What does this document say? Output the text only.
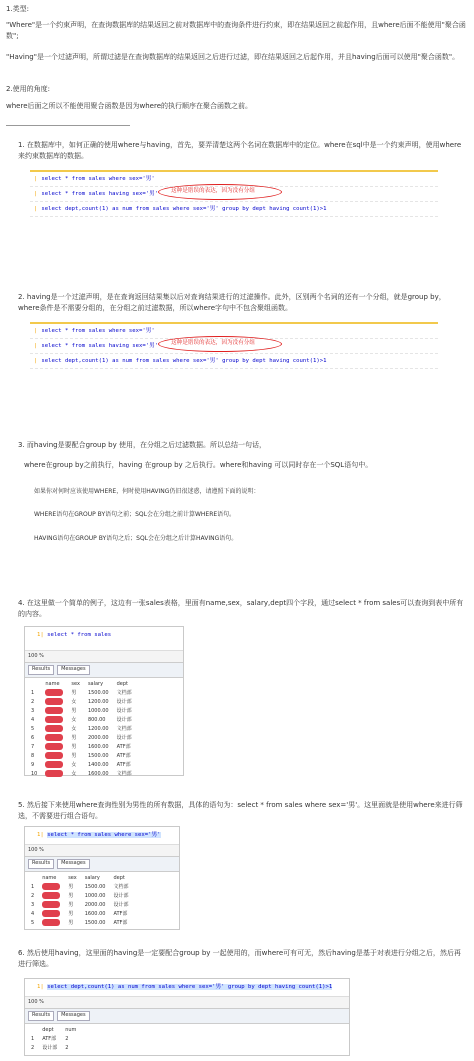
1.类型:

"Where"是一个约束声明，在查询数据库的结果返回之前对数据库中的查询条件进行约束，即在结果返回之前起作用，且where后面不能使用"聚合函数";

"Having"是一个过滤声明，所谓过滤是在查询数据库的结果返回之后进行过滤，即在结果返回之后起作用，并且having后面可以使用"聚合函数"。

2.使用的角度:

where后面之所以不能使用聚合函数是因为where的执行顺序在聚合函数之前。

1. 在数据库中，如何正确的使用where与having，首先，要弄清楚这两个名词在数据库中的定位。where在sql中是一个约束声明，使用where来约束数据库的数据。

| select * from sales where sex='男'
| select * from sales having sex='男'
| select dept,count(1) as num from sales where sex='男' group by dept having count(1)>1
这种是错误的表达，因为没有分组

2. having是一个过滤声明，是在查询返回结果集以后对查询结果进行的过滤操作。此外，区别两个名词的还有一个分组，就是group by，where条件是不需要分组的，在分组之前过滤数据，所以where字句中不包含聚组函数。

| select * from sales where sex='男'
| select * from sales having sex='男'
| select dept,count(1) as num from sales where sex='男' group by dept having count(1)>1
这种是错误的表达，因为没有分组

3. 而having是要配合group by 使用，在分组之后过滤数据。所以总结一句话，

where在group by之前执行，having 在group by 之后执行。where和having 可以同时存在一个SQL语句中。

如果你对何时应该使用WHERE，何时使用HAVING仍旧很迷惑，请遵照下面的说明：

WHERE语句在GROUP BY语句之前；SQL会在分组之前计算WHERE语句。

HAVING语句在GROUP BY语句之后；SQL会在分组之后计算HAVING语句。

4. 在这里做一个简单的例子，这边有一张sales表格，里面有name,sex，salary,dept四个字段，通过select * from sales可以查询到表中所有的内容。

1| select * from sales
100 %
Results	Messages
	name	sex	salary	dept
1		男	1500.00	文档部
2		女	1200.00	设计部
3		男	1000.00	设计部
4		女	800.00	设计部
5		女	1200.00	文档部
6		男	2000.00	设计部
7		男	1600.00	ATF部
8		男	1500.00	ATF部
9		女	1400.00	ATF部
10		女	1600.00	文档部

5. 然后接下来使用where查询性别为男性的所有数据，具体的语句为：select * from sales where sex='男'。这里面就是使用where来进行筛选，不需要进行组合语句。

1| select * from sales where sex='男'
100 %
Results	Messages
	name	sex	salary	dept
1		男	1500.00	文档部
2		男	1000.00	设计部
3		男	2000.00	设计部
4		男	1600.00	ATF部
5		男	1500.00	ATF部

6. 然后使用having，这里面的having是一定要配合group by 一起使用的，而where可有可无，然后having是基于对表进行分组之后，然后再进行筛选。

1| select dept,count(1) as num from sales where sex='男' group by dept having count(1)>1
100 %
Results	Messages
	dept	num
1	ATF部	2
2	设计部	2
